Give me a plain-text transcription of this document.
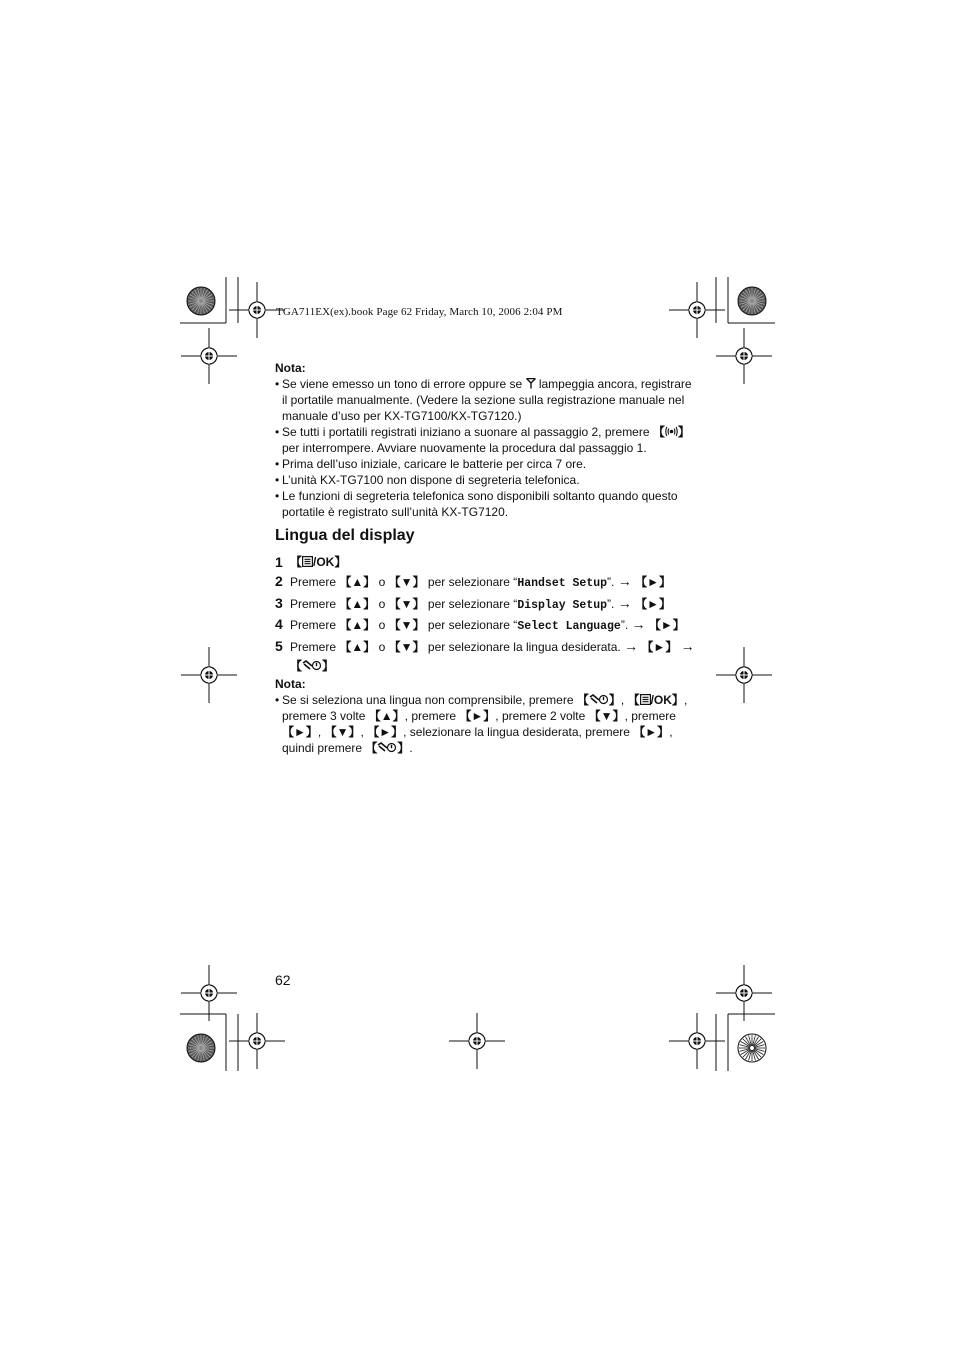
TGA711EX(ex).book Page 62 Friday, March 10, 2006 2:04 PM
Nota:
• Se viene emesso un tono di errore oppure se lampeggia ancora, registrare il portatile manualmente. (Vedere la sezione sulla registrazione manuale nel manuale d’uso per KX-TG7100/KX-TG7120.)
• Se tutti i portatili registrati iniziano a suonare al passaggio 2, premere 【 】 per interrompere. Avviare nuovamente la procedura dal passaggio 1.
• Prima dell’uso iniziale, caricare le batterie per circa 7 ore.
• L’unità KX-TG7100 non dispone di segreteria telefonica.
• Le funzioni di segreteria telefonica sono disponibili soltanto quando questo portatile è registrato sull’unità KX-TG7120.
Lingua del display
1 【 /OK】
2 Premere 【▲】 o 【▼】 per selezionare “Handset Setup”. → 【►】
3 Premere 【▲】 o 【▼】 per selezionare “Display Setup”. → 【►】
4 Premere 【▲】 o 【▼】 per selezionare “Select Language”. → 【►】
5 Premere 【▲】 o 【▼】 per selezionare la lingua desiderata. → 【►】 →
【 】
Nota:
• Se si seleziona una lingua non comprensibile, premere 【 】, 【 /OK】, premere 3 volte 【▲】, premere 【►】, premere 2 volte 【▼】, premere 【►】, 【▼】, 【►】, selezionare la lingua desiderata, premere 【►】, quindi premere 【 】.
62
